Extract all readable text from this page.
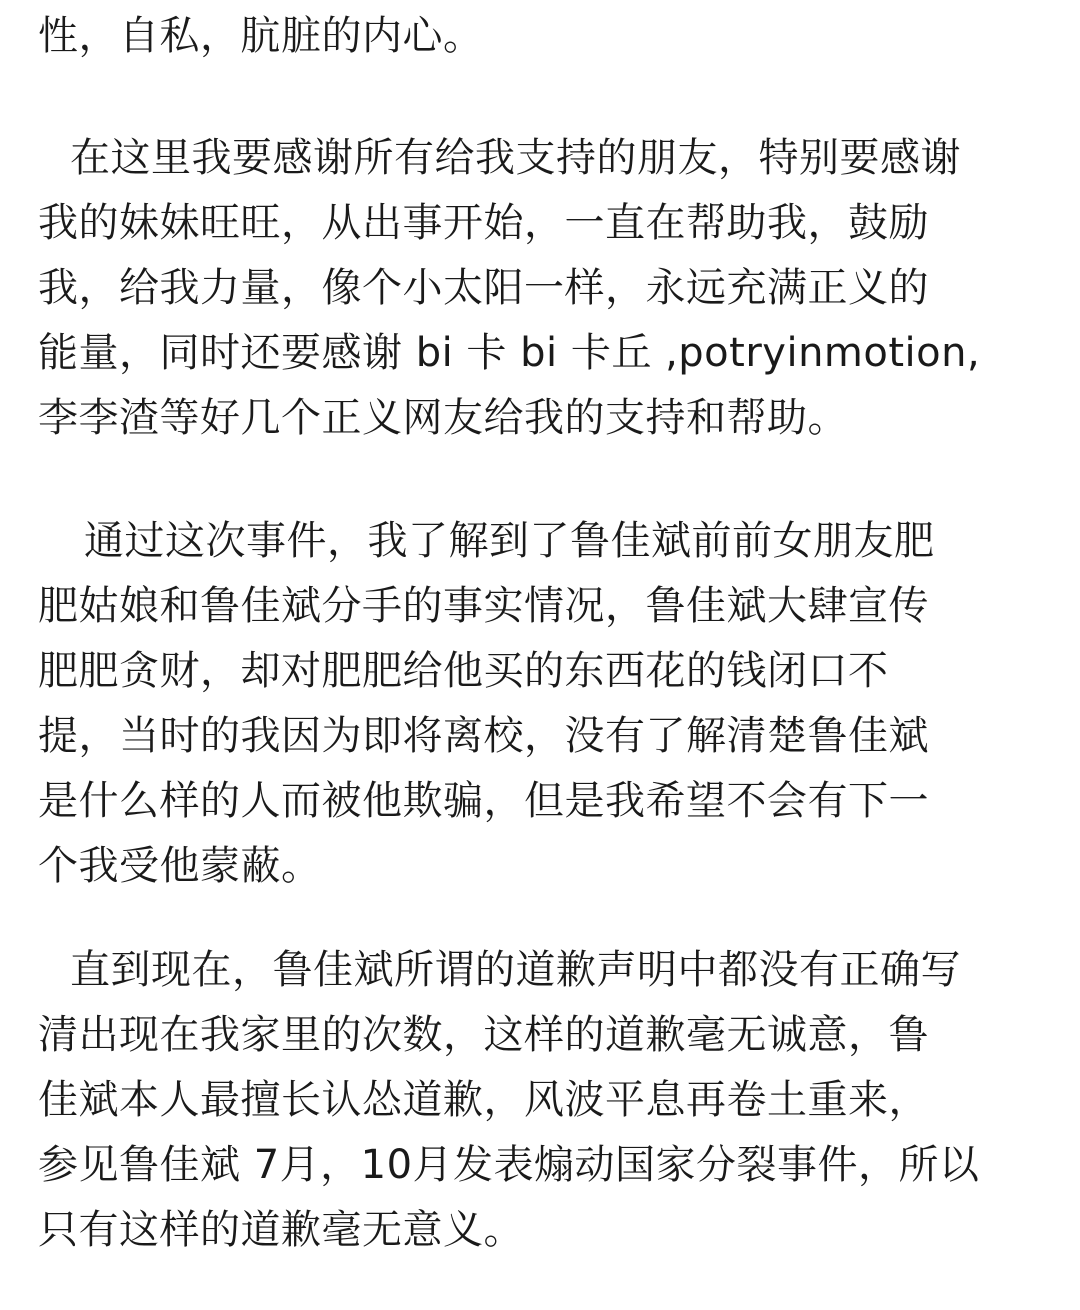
性，自私，肮脏的内心。
在这里我要感谢所有给我支持的朋友，特别要感谢
我的妹妹旺旺，从出事开始，一直在帮助我，鼓励
我，给我力量，像个小太阳一样，永远充满正义的
能量，同时还要感谢 bi 卡 bi 卡丘 ,potryinmotion,
李李渣等好几个正义网友给我的支持和帮助。
通过这次事件，我了解到了鲁佳斌前前女朋友肥
肥姑娘和鲁佳斌分手的事实情况，鲁佳斌大肆宣传
肥肥贪财，却对肥肥给他买的东西花的钱闭口不
提，当时的我因为即将离校，没有了解清楚鲁佳斌
是什么样的人而被他欺骗，但是我希望不会有下一
个我受他蒙蔽。
直到现在，鲁佳斌所谓的道歉声明中都没有正确写
清出现在我家里的次数，这样的道歉毫无诚意，鲁
佳斌本人最擅长认怂道歉，风波平息再卷土重来，
参见鲁佳斌 7月，10月发表煽动国家分裂事件，所以
只有这样的道歉毫无意义。
